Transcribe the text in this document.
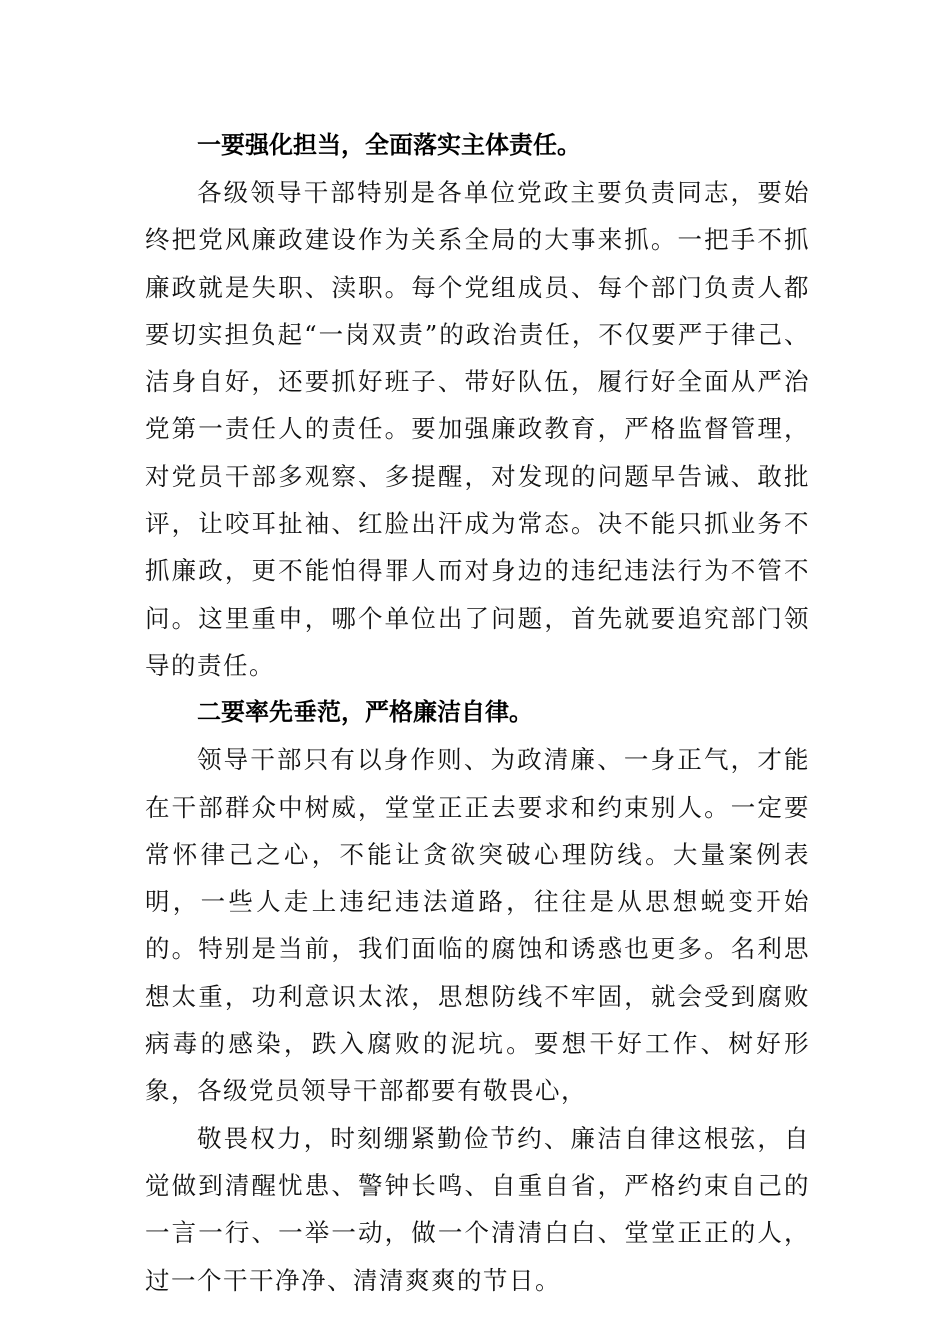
一要强化担当，全面落实主体责任。

各级领导干部特别是各单位党政主要负责同志，要始终把党风廉政建设作为关系全局的大事来抓。一把手不抓廉政就是失职、渎职。每个党组成员、每个部门负责人都要切实担负起“一岗双责”的政治责任，不仅要严于律己、洁身自好，还要抓好班子、带好队伍，履行好全面从严治党第一责任人的责任。要加强廉政教育，严格监督管理，对党员干部多观察、多提醒，对发现的问题早告诫、敢批评，让咬耳扯袖、红脸出汗成为常态。决不能只抓业务不抓廉政，更不能怕得罪人而对身边的违纪违法行为不管不问。这里重申，哪个单位出了问题，首先就要追究部门领导的责任。

二要率先垂范，严格廉洁自律。

领导干部只有以身作则、为政清廉、一身正气，才能在干部群众中树威，堂堂正正去要求和约束别人。一定要常怀律己之心，不能让贪欲突破心理防线。大量案例表明，一些人走上违纪违法道路，往往是从思想蜕变开始的。特别是当前，我们面临的腐蚀和诱惑也更多。名利思想太重，功利意识太浓，思想防线不牢固，就会受到腐败病毒的感染，跌入腐败的泥坑。要想干好工作、树好形象，各级党员领导干部都要有敬畏心，

敬畏权力，时刻绷紧勤俭节约、廉洁自律这根弦，自觉做到清醒忧患、警钟长鸣、自重自省，严格约束自己的一言一行、一举一动，做一个清清白白、堂堂正正的人，过一个干干净净、清清爽爽的节日。
